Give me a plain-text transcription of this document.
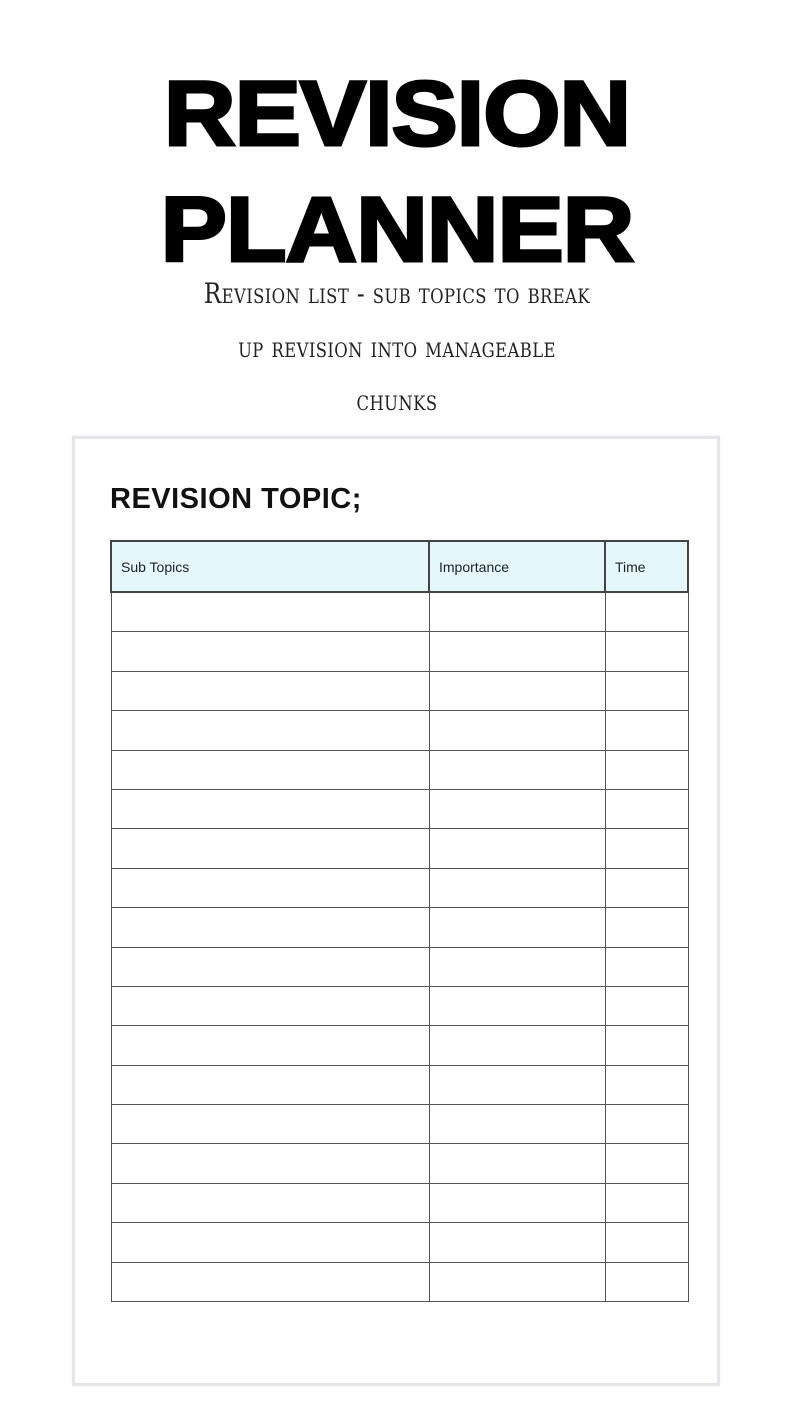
REVISION
PLANNER
Revision list - sub topics to break
up revision into manageable
chunks
REVISION TOPIC;
Sub Topics	Importance	Time
